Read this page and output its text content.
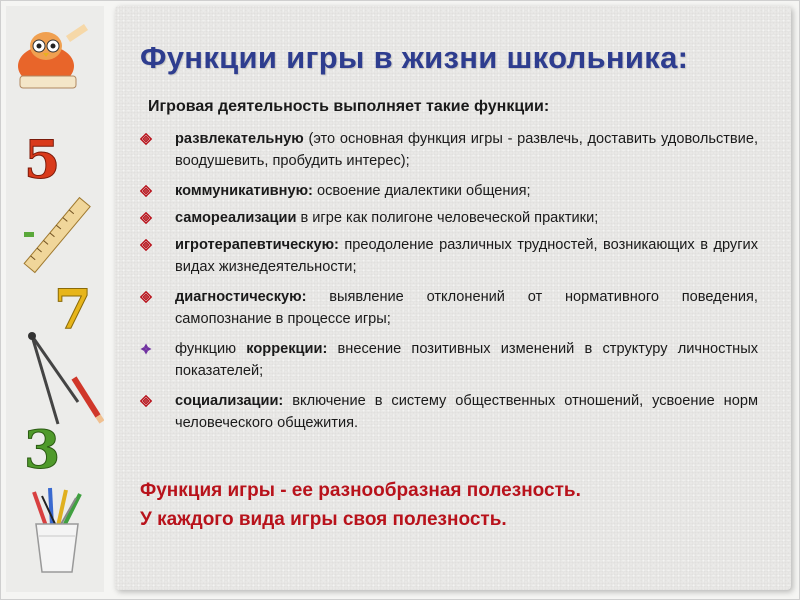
5
7
3
Функции игры в жизни школьника:
Игровая деятельность выполняет такие функции:
развлекательную (это основная функция игры - развлечь, доставить удовольствие, воодушевить, пробудить интерес);
коммуникативную: освоение диалектики общения;
самореализации в игре как полигоне человеческой практики;
игротерапевтическую: преодоление различных трудностей, возникающих в других видах жизнедеятельности;
диагностическую: выявление отклонений от нормативного поведения, самопознание в процессе игры;
функцию коррекции: внесение позитивных изменений в структуру личностных показателей;
социализации: включение в систему общественных отношений, усвоение норм человеческого общежития.
Функция игры - ее разнообразная полезность.
У каждого вида игры своя полезность.
